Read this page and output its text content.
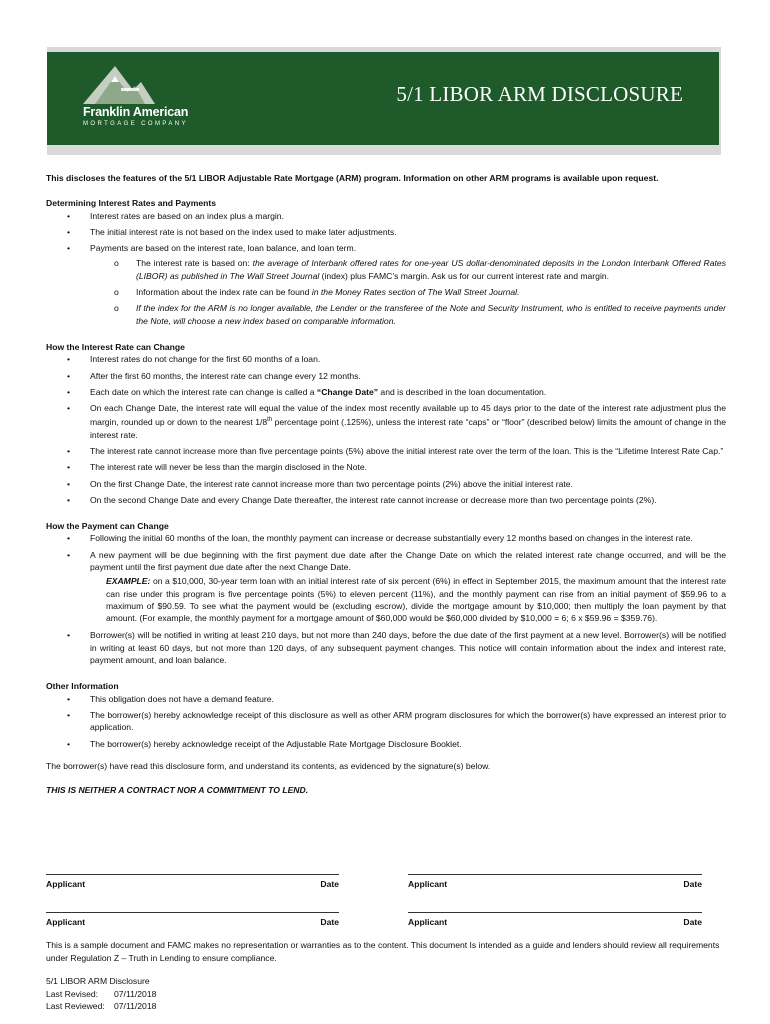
Franklin American
MORTGAGE COMPANY
5/1 LIBOR ARM DISCLOSURE

This discloses the features of the 5/1 LIBOR Adjustable Rate Mortgage (ARM) program. Information on other ARM programs is available upon request.

Determining Interest Rates and Payments

• Interest rates are based on an index plus a margin.
• The initial interest rate is not based on the index used to make later adjustments.
• Payments are based on the interest rate, loan balance, and loan term.
o The interest rate is based on: the average of Interbank offered rates for one-year US dollar-denominated deposits in the London Interbank Offered Rates (LIBOR) as published in The Wall Street Journal (index) plus FAMC’s margin. Ask us for our current interest rate and margin.
o Information about the index rate can be found in the Money Rates section of The Wall Street Journal.
o If the index for the ARM is no longer available, the Lender or the transferee of the Note and Security Instrument, who is entitled to receive payments under the Note, will choose a new index based on comparable information.

How the Interest Rate can Change

• Interest rates do not change for the first 60 months of a loan.
• After the first 60 months, the interest rate can change every 12 months.
• Each date on which the interest rate can change is called a “Change Date” and is described in the loan documentation.
• On each Change Date, the interest rate will equal the value of the index most recently available up to 45 days prior to the date of the interest rate adjustment plus the margin, rounded up or down to the nearest 1/8th percentage point (.125%), unless the interest rate “caps” or “floor” (described below) limits the amount of change in the interest rate.
• The interest rate cannot increase more than five percentage points (5%) above the initial interest rate over the term of the loan. This is the “Lifetime Interest Rate Cap.”
• The interest rate will never be less than the margin disclosed in the Note.
• On the first Change Date, the interest rate cannot increase more than two percentage points (2%) above the initial interest rate.
• On the second Change Date and every Change Date thereafter, the interest rate cannot increase or decrease more than two percentage points (2%).

How the Payment can Change

• Following the initial 60 months of the loan, the monthly payment can increase or decrease substantially every 12 months based on changes in the interest rate.
• A new payment will be due beginning with the first payment due date after the Change Date on which the related interest rate change occurred, and will be the payment until the first payment due date after the next Change Date.
EXAMPLE: on a $10,000, 30-year term loan with an initial interest rate of six percent (6%) in effect in September 2015, the maximum amount that the interest rate can rise under this program is five percentage points (5%) to eleven percent (11%), and the monthly payment can rise from an initial payment of $59.96 to a maximum of $90.59. To see what the payment would be (excluding escrow), divide the mortgage amount by $10,000; then multiply the loan payment by that amount. (For example, the monthly payment for a mortgage amount of $60,000 would be $60,000 divided by $10,000 = 6; 6 x $59.96 = $359.76).
• Borrower(s) will be notified in writing at least 210 days, but not more than 240 days, before the due date of the first payment at a new level. Borrower(s) will be notified in writing at least 60 days, but not more than 120 days, of any subsequent payment changes. This notice will contain information about the index and interest rate, payment amount, and loan balance.

Other Information

• This obligation does not have a demand feature.
• The borrower(s) hereby acknowledge receipt of this disclosure as well as other ARM program disclosures for which the borrower(s) have expressed an interest prior to application.
• The borrower(s) hereby acknowledge receipt of the Adjustable Rate Mortgage Disclosure Booklet.

The borrower(s) have read this disclosure form, and understand its contents, as evidenced by the signature(s) below.

THIS IS NEITHER A CONTRACT NOR A COMMITMENT TO LEND.

Applicant	Date	Applicant	Date
Applicant	Date	Applicant	Date
This is a sample document and FAMC makes no representation or warranties as to the content. This document Is intended as a guide and lenders should review all requirements under Regulation Z – Truth in Lending to ensure compliance.
5/1 LIBOR ARM Disclosure
Last Revised: 07/11/2018
Last Reviewed: 07/11/2018
